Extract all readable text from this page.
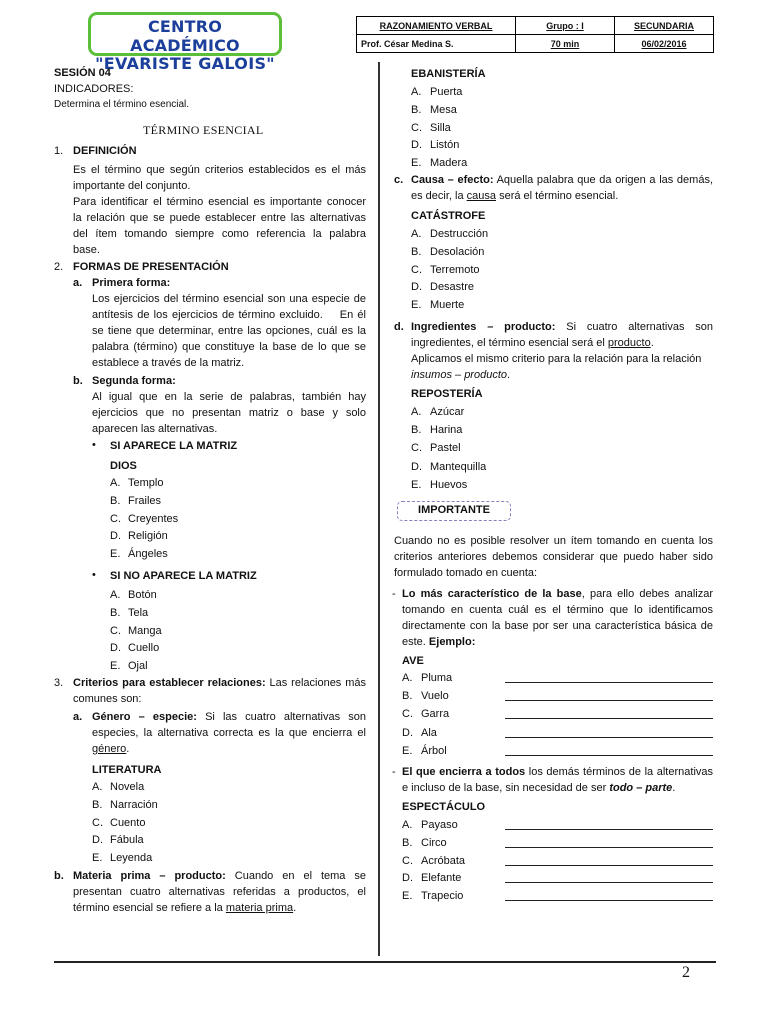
CENTRO ACADÉMICO
"EVARISTE GALOIS"
RAZONAMIENTO VERBAL	Grupo : I	SECUNDARIA
Prof. César Medina S.	70 min	06/02/2016
SESIÓN 04
INDICADORES:
Determina el término esencial.
TÉRMINO ESENCIAL
1. DEFINICIÓN
Es el término que según criterios establecidos es el más
importante del conjunto.
Para identificar el término esencial es importante conocer
la relación que se puede establecer entre las alternativas
del ítem tomando siempre como referencia la palabra
base.
2. FORMAS DE PRESENTACIÓN
a. Primera forma:
Los ejercicios del término esencial son una especie de
antítesis de los ejercicios de término excluido.    En él
se tiene que determinar, entre las opciones, cuál es la
palabra (término) que constituye la base de lo que se
establece a través de la matriz.
b. Segunda forma:
Al igual que en la serie de palabras, también hay
ejercicios que no presentan matriz o base y solo
aparecen las alternativas.
• SI APARECE LA MATRIZ
DIOS
A. Templo
B. Frailes
C. Creyentes
D. Religión
E. Ángeles
• SI NO APARECE LA MATRIZ
A. Botón
B. Tela
C. Manga
D. Cuello
E. Ojal
3. Criterios para establecer relaciones: Las relaciones más
comunes son:
a. Género – especie: Si las cuatro alternativas son
especies, la alternativa correcta es la que encierra el
género.
LITERATURA
A. Novela
B. Narración
C. Cuento
D. Fábula
E. Leyenda
b. Materia prima – producto: Cuando en el tema se
presentan cuatro alternativas referidas a productos, el
término esencial se refiere a la materia prima.
EBANISTERÍA
A. Puerta
B. Mesa
C. Silla
D. Listón
E. Madera
c. Causa – efecto: Aquella palabra que da origen a las demás,
es decir, la causa será el término esencial.
CATÁSTROFE
A. Destrucción
B. Desolación
C. Terremoto
D. Desastre
E. Muerte
d. Ingredientes – producto: Si cuatro alternativas son
ingredientes, el término esencial será el producto.
Aplicamos el mismo criterio para la relación para la relación
insumos – producto.
REPOSTERÍA
A. Azúcar
B. Harina
C. Pastel
D. Mantequilla
E. Huevos
IMPORTANTE
Cuando no es posible resolver un ítem tomando en cuenta los
criterios anteriores debemos considerar que puedo haber sido
formulado tomado en cuenta:
- Lo más característico de la base, para ello debes analizar
tomando en cuenta cuál es el término que lo identificamos
directamente con la base por ser una característica básica de
este. Ejemplo:
AVE
A. Pluma
B. Vuelo
C. Garra
D. Ala
E. Árbol
- El que encierra a todos los demás términos de la alternativas
e incluso de la base, sin necesidad de ser todo – parte.
ESPECTÁCULO
A. Payaso
B. Circo
C. Acróbata
D. Elefante
E. Trapecio
2
